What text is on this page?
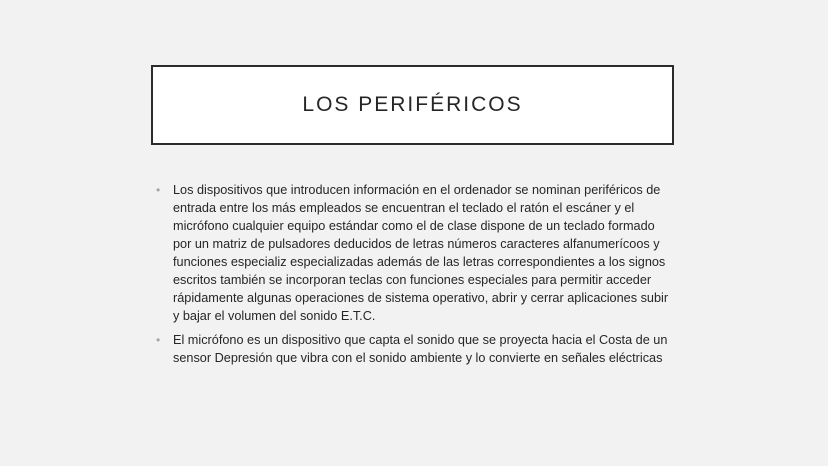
LOS PERIFÉRICOS
• Los dispositivos que introducen información en el ordenador se nominan periféricos de entrada entre los más empleados se encuentran el teclado el ratón el escáner y el micrófono cualquier equipo estándar como el de clase dispone de un teclado formado por un matriz de pulsadores deducidos de letras números caracteres alfanumerícoos y funciones especializ especializadas además de las letras correspondientes a los signos escritos también se incorporan teclas con funciones especiales para permitir acceder rápidamente algunas operaciones de sistema operativo, abrir y cerrar aplicaciones subir y bajar el volumen del sonido E.T.C.
• El micrófono es un dispositivo que capta el sonido que se proyecta hacia el Costa de un sensor Depresión que vibra con el sonido ambiente y lo convierte en señales eléctricas
